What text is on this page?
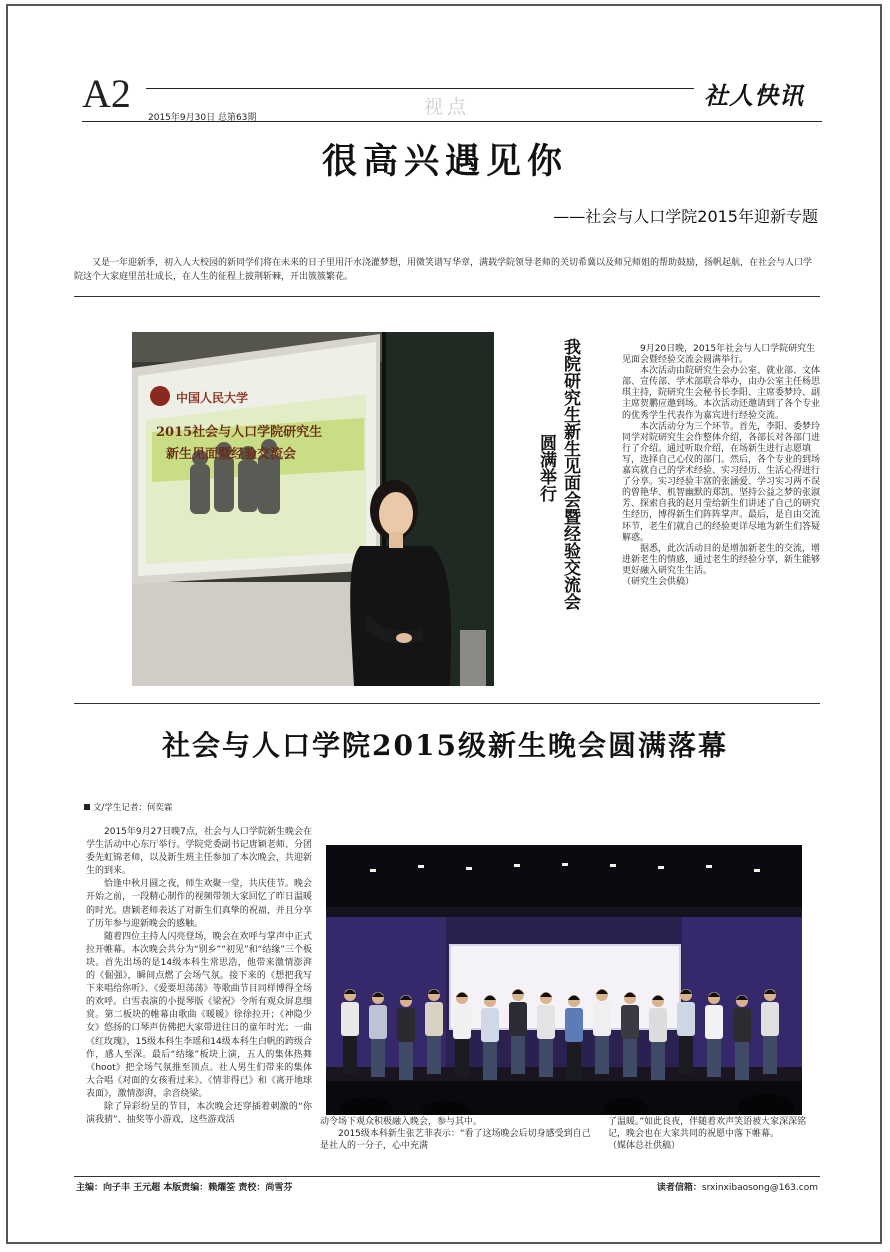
A2	视点
2015年9月30日 总第63期
社人快讯
很高兴遇见你
——社会与人口学院2015年迎新专题

又是一年迎新季，初入人大校园的新同学们将在未来的日子里用汗水浇灌梦想，用微笑谱写华章，满载学院领导老师的关切希冀以及师兄师姐的帮助鼓励，扬帆起航，在社会与人口学院这个大家庭里茁壮成长，在人生的征程上披荆斩棘，开出簇簇繁花。

中国人民大学
2015社会与人口学院研究生
新生见面暨经验交流会	我院研究生新生见面会暨经验交流会
圆满举行

9月20日晚，2015年社会与人口学院研究生见面会暨经验交流会圆满举行。

本次活动由院研究生会办公室、就业部、文体部、宣传部、学术部联合举办，由办公室主任杨思琪主持，院研究生会秘书长李阳、主席委梦玲、副主席贺鹏应邀到场。本次活动还邀请到了各个专业的优秀学生代表作为嘉宾进行经验交流。

本次活动分为三个环节。首先，李阳、委梦玲同学对院研究生会作整体介绍，各部长对各部门进行了介绍。通过听取介绍，在场新生进行志愿填写，选择自己心仪的部门。然后，各个专业的到场嘉宾就自己的学术经验、实习经历、生活心得进行了分享。实习经验丰富的张涵爱、学习实习两不误的曾艳华、机智幽默的郑凯、坚持公益之梦的张淑芳、探索自我的赵月莹给新生们讲述了自己的研究生经历，博得新生们阵阵掌声。最后，是自由交流环节，老生们就自己的经验更详尽地为新生们答疑解惑。

据悉，此次活动目的是增加新老生的交流，增进新老生的情感，通过老生的经验分享，新生能够更好融入研究生生活。

（研究生会供稿）

社会与人口学院2015级新生晚会圆满落幕
文/学生记者：何奕霖

2015年9月27日晚7点，社会与人口学院新生晚会在学生活动中心东厅举行。学院党委副书记唐颖老师、分团委先虹锦老师，以及新生班主任参加了本次晚会，共迎新生的到来。

恰逢中秋月圆之夜，师生欢聚一堂，共庆佳节。晚会开始之前，一段精心制作的视频带领大家回忆了昨日温暖的时光。唐颖老师表达了对新生们真挚的祝福，并且分享了历年参与迎新晚会的感触。

随着四位主持人闪亮登场，晚会在欢呼与掌声中正式拉开帷幕。本次晚会共分为“别乡”“初见”和“结缘”三个板块。首先出场的是14级本科生常思浩，他带来激情澎湃的《倔强》，瞬间点燃了会场气氛。接下来的《想把我写下来唱给你听》、《爱要坦荡荡》等歌曲节目同样博得全场的欢呼。白雪表演的小提琴版《梁祝》令所有观众屏息细赏。第二板块的帷幕由歌曲《暖暖》徐徐拉开；《神隐少女》悠扬的口琴声仿佛把大家带进往日的童年时光；一曲《红玫瑰》，15级本科生李瑶和14级本科生白帆的跨级合作，感人至深。最后“结缘”板块上演，五人的集体热舞《hoot》把全场气氛推至顶点。社人男生们带来的集体大合唱《对面的女孩看过来》、《情非得已》和《离开地球表面》，激情澎湃，余音绕梁。

除了异彩纷呈的节目，本次晚会还穿插着刺激的“你演我猜”、抽奖等小游戏，这些游戏活	动令场下观众积极融入晚会，参与其中。

2015级本科新生张艺菲表示：“看了这场晚会后切身感受到自己是社人的一分子，心中充满

了温暖。”如此良夜，伴随着欢声笑语被大家深深铭记，晚会也在大家共同的祝愿中落下帷幕。

（媒体总社供稿）

主编：向子丰 王元超 本版责编：赖燿筌 责校：尚雪芬	读者信箱：srxinxibaosong@163.com
